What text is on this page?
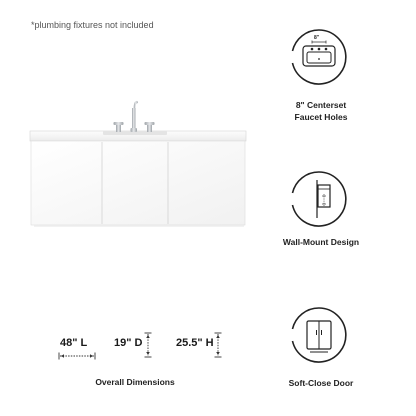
*plumbing fixtures not included
8"
8" Centerset
Faucet Holes
Wall-Mount Design
Soft-Close Door
48" L 19" D	25.5" H
Overall Dimensions
